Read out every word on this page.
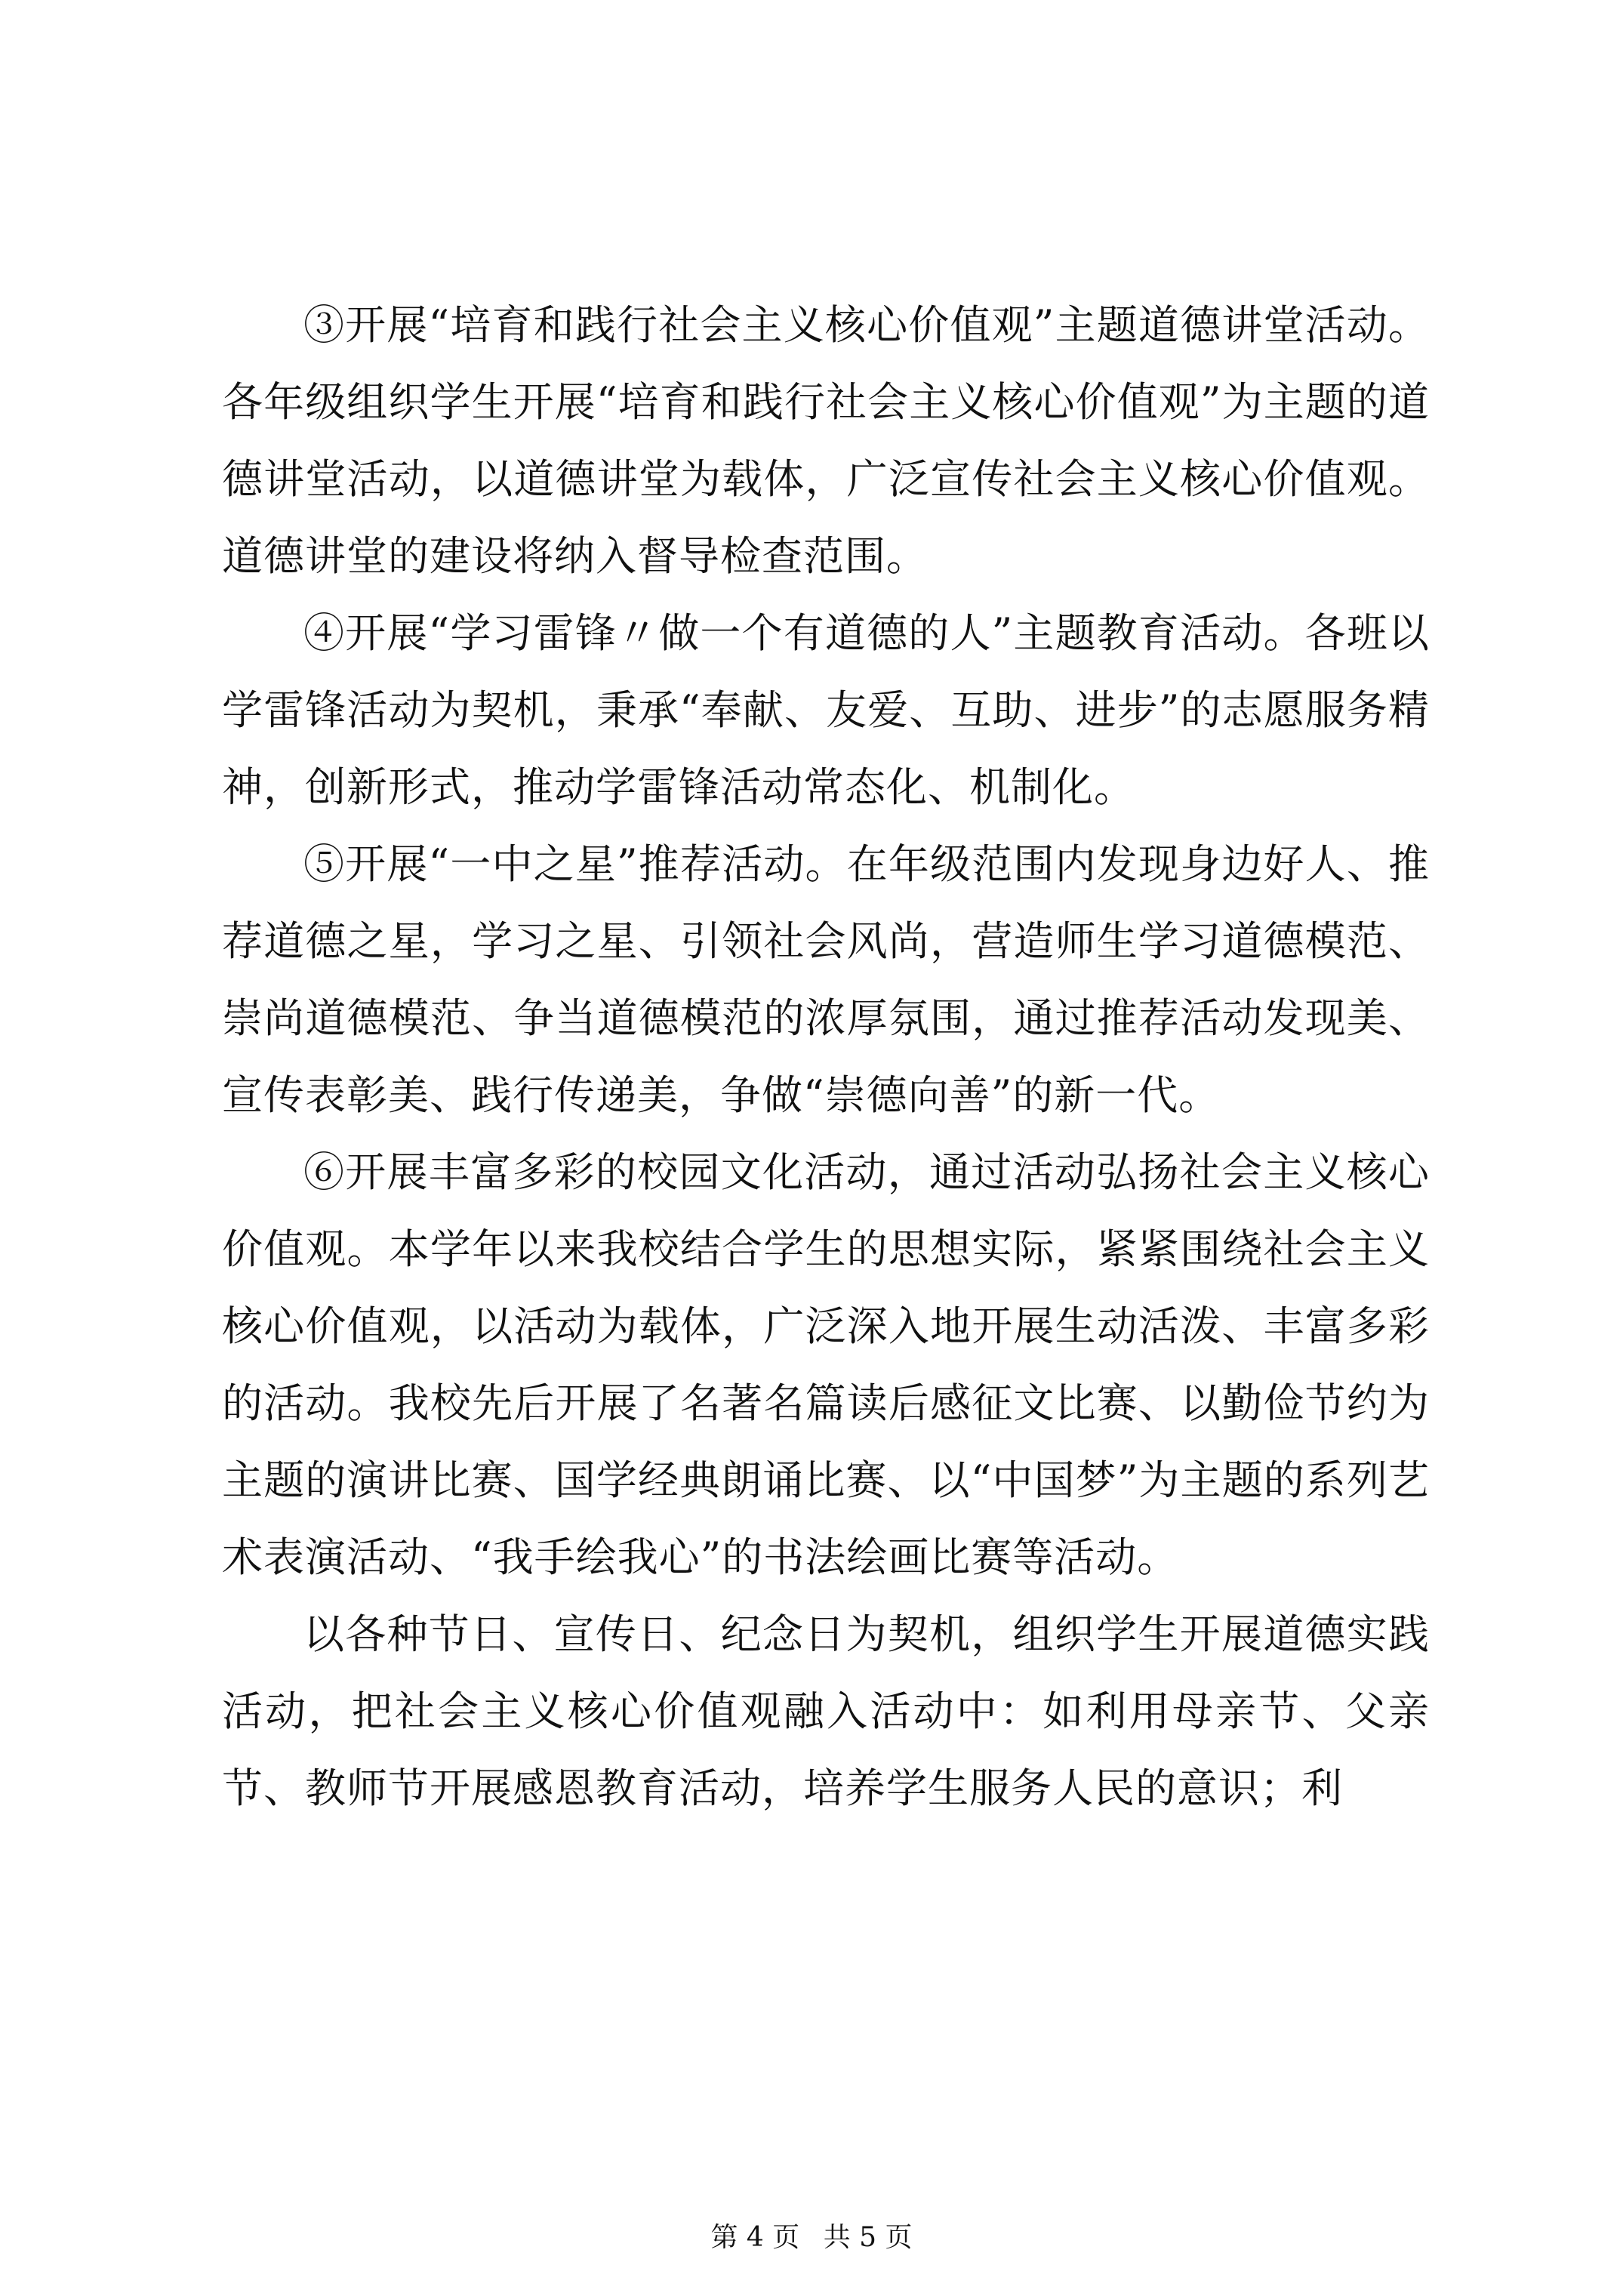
③开展“培育和践行社会主义核心价值观”主题道德讲堂活动。各年级组织学生开展“培育和践行社会主义核心价值观”为主题的道德讲堂活动，以道德讲堂为载体，广泛宣传社会主义核心价值观。道德讲堂的建设将纳入督导检查范围。

④开展“学习雷锋〃做一个有道德的人”主题教育活动。各班以学雷锋活动为契机，秉承“奉献、友爱、互助、进步”的志愿服务精神，创新形式，推动学雷锋活动常态化、机制化。

⑤开展“一中之星”推荐活动。在年级范围内发现身边好人、推荐道德之星，学习之星、引领社会风尚，营造师生学习道德模范、崇尚道德模范、争当道德模范的浓厚氛围，通过推荐活动发现美、宣传表彰美、践行传递美，争做“崇德向善”的新一代。

⑥开展丰富多彩的校园文化活动，通过活动弘扬社会主义核心价值观。本学年以来我校结合学生的思想实际，紧紧围绕社会主义核心价值观，以活动为载体，广泛深入地开展生动活泼、丰富多彩的活动。我校先后开展了名著名篇读后感征文比赛、以勤俭节约为主题的演讲比赛、国学经典朗诵比赛、以“中国梦”为主题的系列艺术表演活动、“我手绘我心”的书法绘画比赛等活动。

以各种节日、宣传日、纪念日为契机，组织学生开展道德实践活动，把社会主义核心价值观融入活动中：如利用母亲节、父亲节、教师节开展感恩教育活动，培养学生服务人民的意识；利

第 4 页 共 5 页
